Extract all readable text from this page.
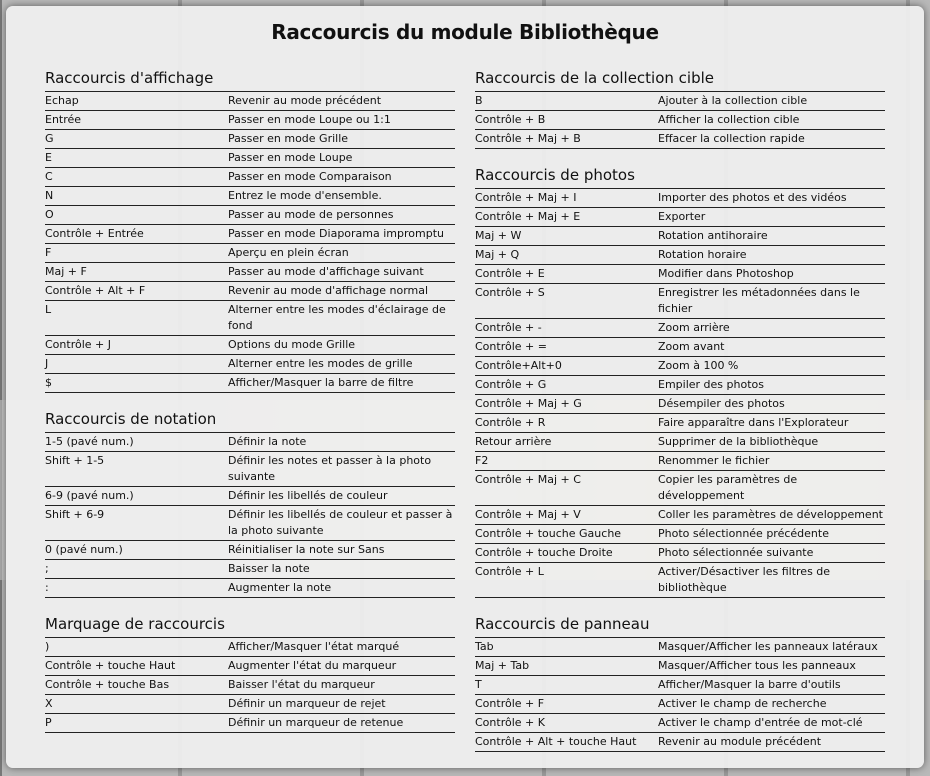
Raccourcis du module Bibliothèque
Raccourcis d'affichage
Echap	Revenir au mode précédent
Entrée	Passer en mode Loupe ou 1:1
G	Passer en mode Grille
E	Passer en mode Loupe
C	Passer en mode Comparaison
N	Entrez le mode d'ensemble.
O	Passer au mode de personnes
Contrôle + Entrée	Passer en mode Diaporama impromptu
F	Aperçu en plein écran
Maj + F	Passer au mode d'affichage suivant
Contrôle + Alt + F	Revenir au mode d'affichage normal
L	Alterner entre les modes d'éclairage de fond
Contrôle + J	Options du mode Grille
J	Alterner entre les modes de grille
$	Afficher/Masquer la barre de filtre
Raccourcis de notation
1-5 (pavé num.)	Définir la note
Shift + 1-5	Définir les notes et passer à la photo suivante
6-9 (pavé num.)	Définir les libellés de couleur
Shift + 6-9	Définir les libellés de couleur et passer à la photo suivante
0 (pavé num.)	Réinitialiser la note sur Sans
;	Baisser la note
:	Augmenter la note
Marquage de raccourcis
)	Afficher/Masquer l'état marqué
Contrôle + touche Haut	Augmenter l'état du marqueur
Contrôle + touche Bas	Baisser l'état du marqueur
X	Définir un marqueur de rejet
P	Définir un marqueur de retenue
Raccourcis de la collection cible
B	Ajouter à la collection cible
Contrôle + B	Afficher la collection cible
Contrôle + Maj + B	Effacer la collection rapide
Raccourcis de photos
Contrôle + Maj + I	Importer des photos et des vidéos
Contrôle + Maj + E	Exporter
Maj + W	Rotation antihoraire
Maj + Q	Rotation horaire
Contrôle + E	Modifier dans Photoshop
Contrôle + S	Enregistrer les métadonnées dans le fichier
Contrôle + -	Zoom arrière
Contrôle + =	Zoom avant
Contrôle+Alt+0	Zoom à 100 %
Contrôle + G	Empiler des photos
Contrôle + Maj + G	Désempiler des photos
Contrôle + R	Faire apparaître dans l'Explorateur
Retour arrière	Supprimer de la bibliothèque
F2	Renommer le fichier
Contrôle + Maj + C	Copier les paramètres de développement
Contrôle + Maj + V	Coller les paramètres de développement
Contrôle + touche Gauche	Photo sélectionnée précédente
Contrôle + touche Droite	Photo sélectionnée suivante
Contrôle + L	Activer/Désactiver les filtres de bibliothèque
Raccourcis de panneau
Tab	Masquer/Afficher les panneaux latéraux
Maj + Tab	Masquer/Afficher tous les panneaux
T	Afficher/Masquer la barre d'outils
Contrôle + F	Activer le champ de recherche
Contrôle + K	Activer le champ d'entrée de mot-clé
Contrôle + Alt + touche Haut	Revenir au module précédent
